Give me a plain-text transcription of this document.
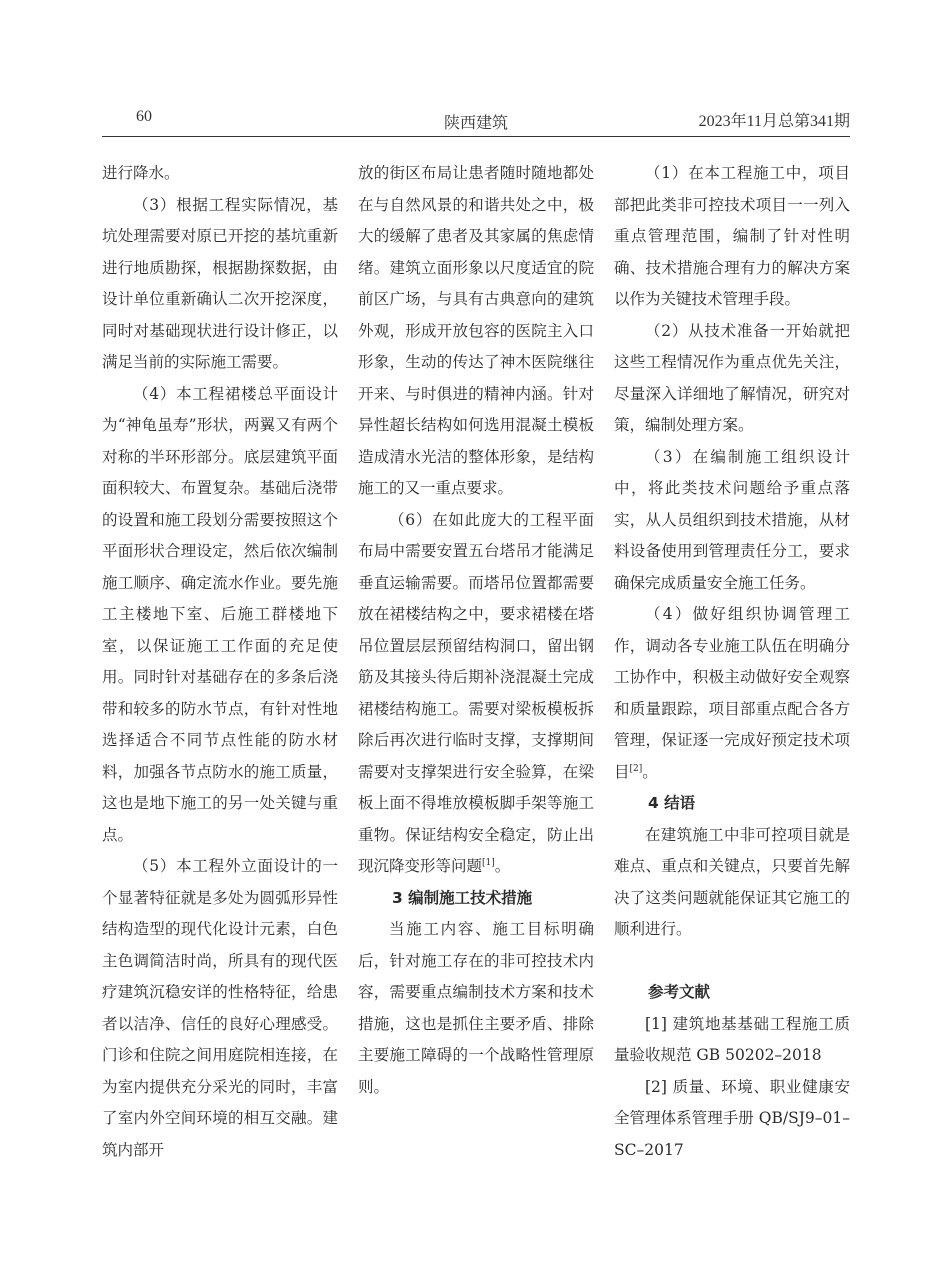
60	陕西建筑	2023年11月总第341期

进行降水。

（3）根据工程实际情况，基坑处理需要对原已开挖的基坑重新进行地质勘探，根据勘探数据，由设计单位重新确认二次开挖深度，同时对基础现状进行设计修正，以满足当前的实际施工需要。

（4）本工程裙楼总平面设计为“神龟虽寿”形状，两翼又有两个对称的半环形部分。底层建筑平面面积较大、布置复杂。基础后浇带的设置和施工段划分需要按照这个平面形状合理设定，然后依次编制施工顺序、确定流水作业。要先施工主楼地下室、后施工群楼地下室，以保证施工工作面的充足使用。同时针对基础存在的多条后浇带和较多的防水节点，有针对性地选择适合不同节点性能的防水材料，加强各节点防水的施工质量，这也是地下施工的另一处关键与重点。

（5）本工程外立面设计的一个显著特征就是多处为圆弧形异性结构造型的现代化设计元素，白色主色调简洁时尚，所具有的现代医疗建筑沉稳安详的性格特征，给患者以洁净、信任的良好心理感受。门诊和住院之间用庭院相连接，在为室内提供充分采光的同时，丰富了室内外空间环境的相互交融。建筑内部开

放的街区布局让患者随时随地都处在与自然风景的和谐共处之中，极大的缓解了患者及其家属的焦虑情绪。建筑立面形象以尺度适宜的院前区广场，与具有古典意向的建筑外观，形成开放包容的医院主入口形象，生动的传达了神木医院继往开来、与时俱进的精神内涵。针对异性超长结构如何选用混凝土模板造成清水光洁的整体形象，是结构施工的又一重点要求。

（6）在如此庞大的工程平面布局中需要安置五台塔吊才能满足垂直运输需要。而塔吊位置都需要放在裙楼结构之中，要求裙楼在塔吊位置层层预留结构洞口，留出钢筋及其接头待后期补浇混凝土完成裙楼结构施工。需要对梁板模板拆除后再次进行临时支撑，支撑期间需要对支撑架进行安全验算，在梁板上面不得堆放模板脚手架等施工重物。保证结构安全稳定，防止出现沉降变形等问题[1]。

3 编制施工技术措施

当施工内容、施工目标明确后，针对施工存在的非可控技术内容，需要重点编制技术方案和技术措施，这也是抓住主要矛盾、排除主要施工障碍的一个战略性管理原则。

（1）在本工程施工中，项目部把此类非可控技术项目一一列入重点管理范围，编制了针对性明确、技术措施合理有力的解决方案以作为关键技术管理手段。

（2）从技术准备一开始就把这些工程情况作为重点优先关注，尽量深入详细地了解情况，研究对策，编制处理方案。

（3）在编制施工组织设计中，将此类技术问题给予重点落实，从人员组织到技术措施，从材料设备使用到管理责任分工，要求确保完成质量安全施工任务。

（4）做好组织协调管理工作，调动各专业施工队伍在明确分工协作中，积极主动做好安全观察和质量跟踪，项目部重点配合各方管理，保证逐一完成好预定技术项目[2]。

4 结语

在建筑施工中非可控项目就是难点、重点和关键点，只要首先解决了这类问题就能保证其它施工的顺利进行。

参考文献

[1] 建筑地基基础工程施工质量验收规范 GB 50202–2018

[2] 质量、环境、职业健康安全管理体系管理手册 QB/SJ9–01–SC–2017
